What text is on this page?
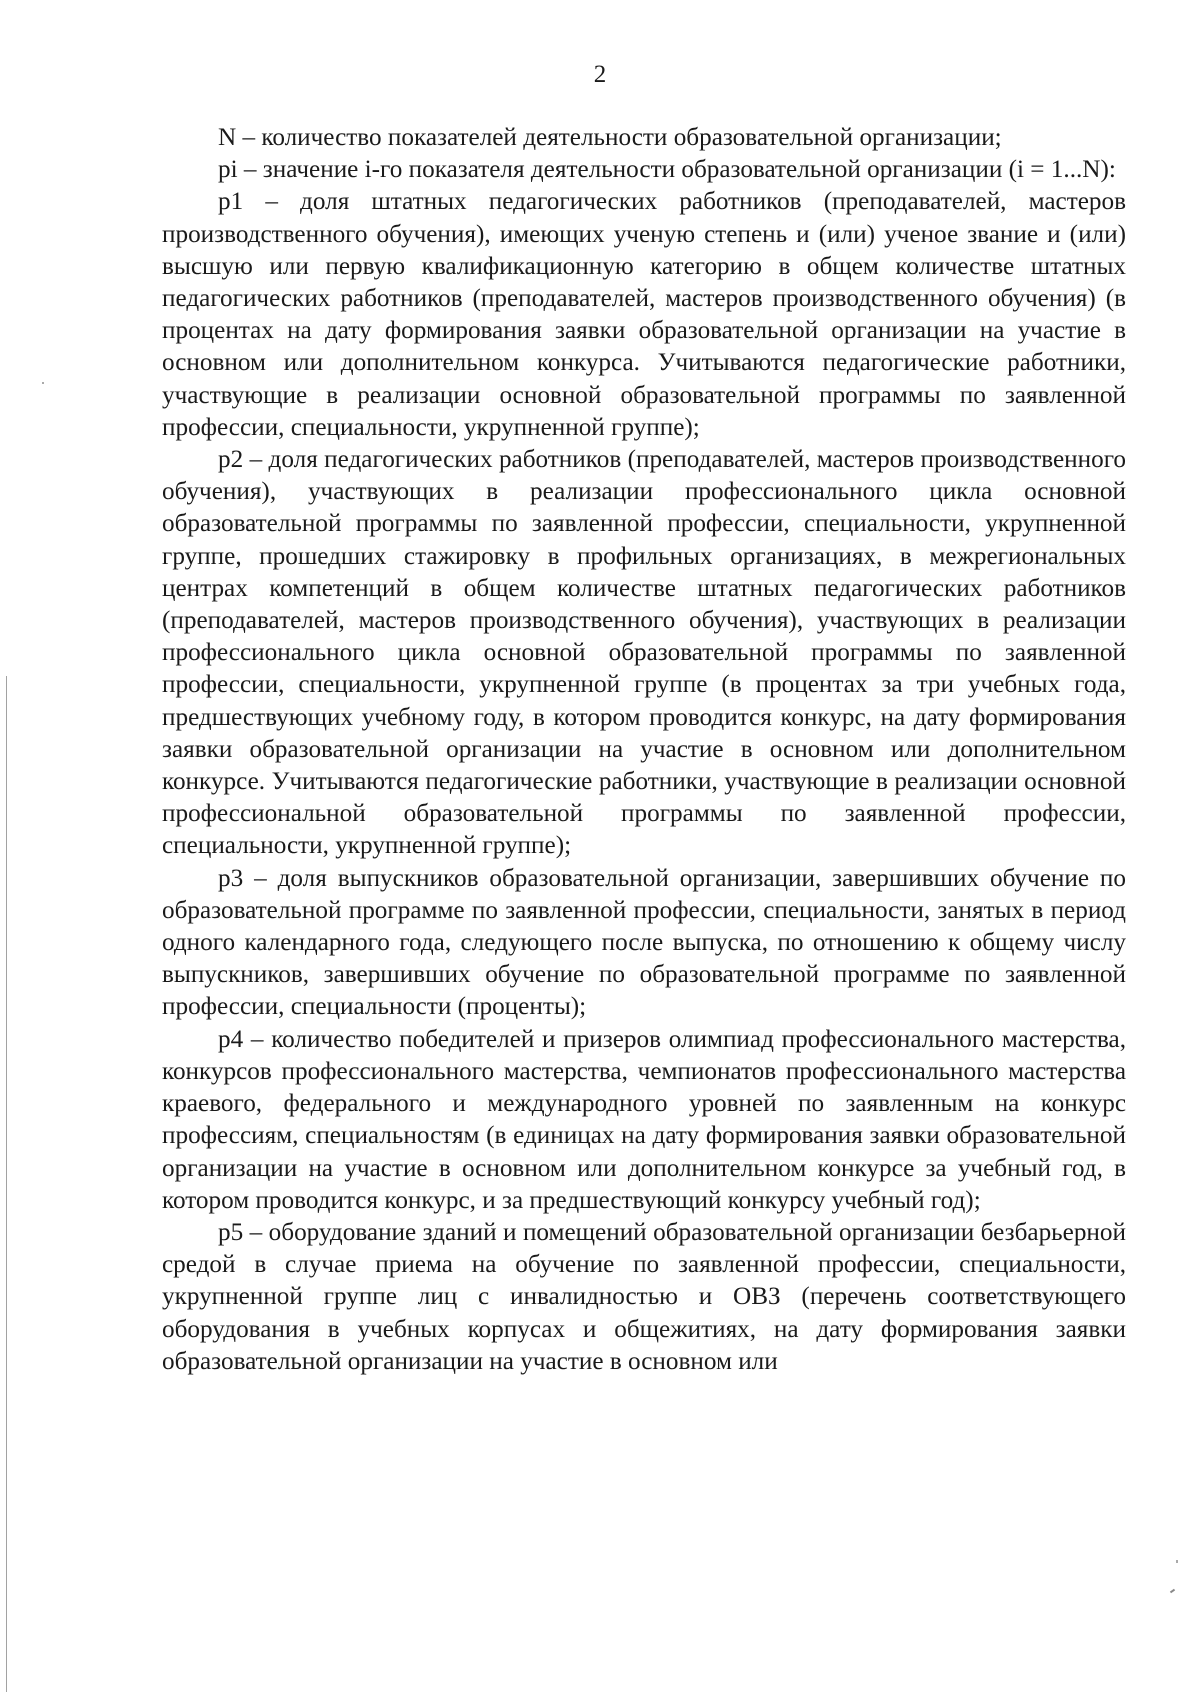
2

N – количество показателей деятельности образовательной организации;

pi – значение i-го показателя деятельности образовательной организации (i = 1...N):

p1 – доля штатных педагогических работников (преподавателей, мастеров производственного обучения), имеющих ученую степень и (или) ученое звание и (или) высшую или первую квалификационную категорию в общем количестве штатных педагогических работников (преподавателей, мастеров производственного обучения) (в процентах на дату формирования заявки образовательной организации на участие в основном или дополнительном конкурса. Учитываются педагогические работники, участвующие в реализации основной образовательной программы по заявленной профессии, специальности, укрупненной группе);

p2 – доля педагогических работников (преподавателей, мастеров производственного обучения), участвующих в реализации профессионального цикла основной образовательной программы по заявленной профессии, специальности, укрупненной группе, прошедших стажировку в профильных организациях, в межрегиональных центрах компетенций в общем количестве штатных педагогических работников (преподавателей, мастеров производственного обучения), участвующих в реализации профессионального цикла основной образовательной программы по заявленной профессии, специальности, укрупненной группе (в процентах за три учебных года, предшествующих учебному году, в котором проводится конкурс, на дату формирования заявки образовательной организации на участие в основном или дополнительном конкурсе. Учитываются педагогические работники, участвующие в реализации основной профессиональной образовательной программы по заявленной профессии, специальности, укрупненной группе);

p3 – доля выпускников образовательной организации, завершивших обучение по образовательной программе по заявленной профессии, специальности, занятых в период одного календарного года, следующего после выпуска, по отношению к общему числу выпускников, завершивших обучение по образовательной программе по заявленной профессии, специальности (проценты);

p4 – количество победителей и призеров олимпиад профессионального мастерства, конкурсов профессионального мастерства, чемпионатов профессионального мастерства краевого, федерального и международного уровней по заявленным на конкурс профессиям, специальностям (в единицах на дату формирования заявки образовательной организации на участие в основном или дополнительном конкурсе за учебный год, в котором проводится конкурс, и за предшествующий конкурсу учебный год);

p5 – оборудование зданий и помещений образовательной организации безбарьерной средой в случае приема на обучение по заявленной профессии, специальности, укрупненной группе лиц с инвалидностью и ОВЗ (перечень соответствующего оборудования в учебных корпусах и общежитиях, на дату формирования заявки образовательной организации на участие в основном или
